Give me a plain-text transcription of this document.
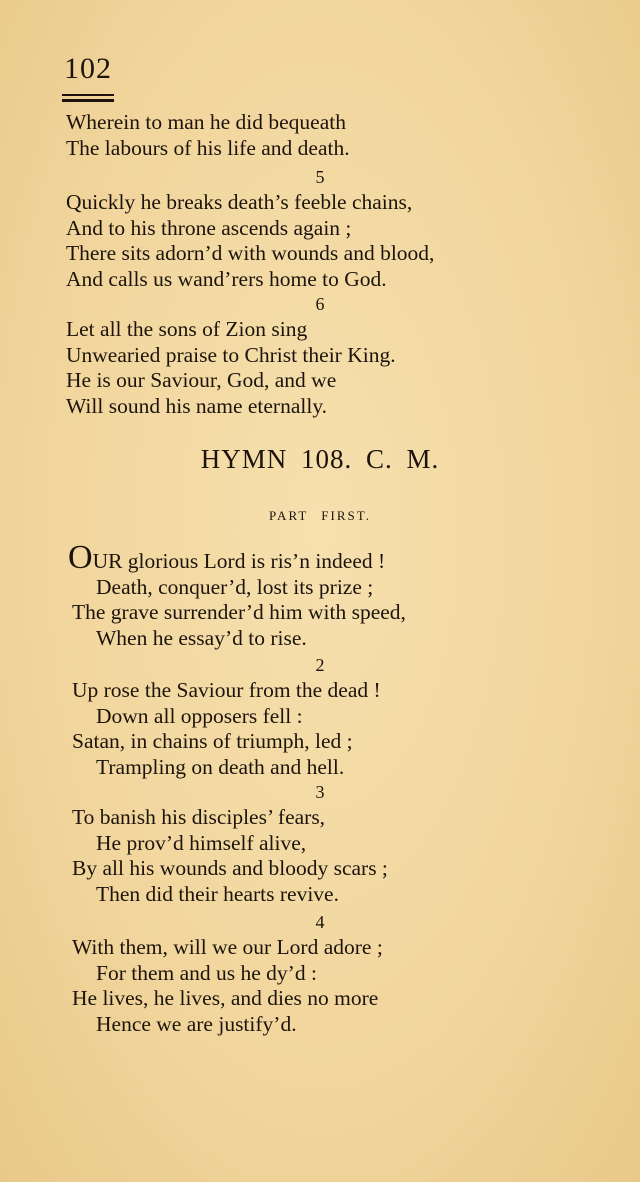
102
Wherein to man he did bequeath
The labours of his life and death.
5
Quickly he breaks death’s feeble chains,
And to his throne ascends again ;
There sits adorn’d with wounds and blood,
And calls us wand’rers home to God.
6
Let all the sons of Zion sing
Unwearied praise to Christ their King.
He is our Saviour, God, and we
Will sound his name eternally.
HYMN 108. C. M.
PART FIRST.
OUR glorious Lord is ris’n indeed !
Death, conquer’d, lost its prize ;
The grave surrender’d him with speed,
When he essay’d to rise.
2
Up rose the Saviour from the dead !
Down all opposers fell :
Satan, in chains of triumph, led ;
Trampling on death and hell.
3
To banish his disciples’ fears,
He prov’d himself alive,
By all his wounds and bloody scars ;
Then did their hearts revive.
4
With them, will we our Lord adore ;
For them and us he dy’d :
He lives, he lives, and dies no more
Hence we are justify’d.
